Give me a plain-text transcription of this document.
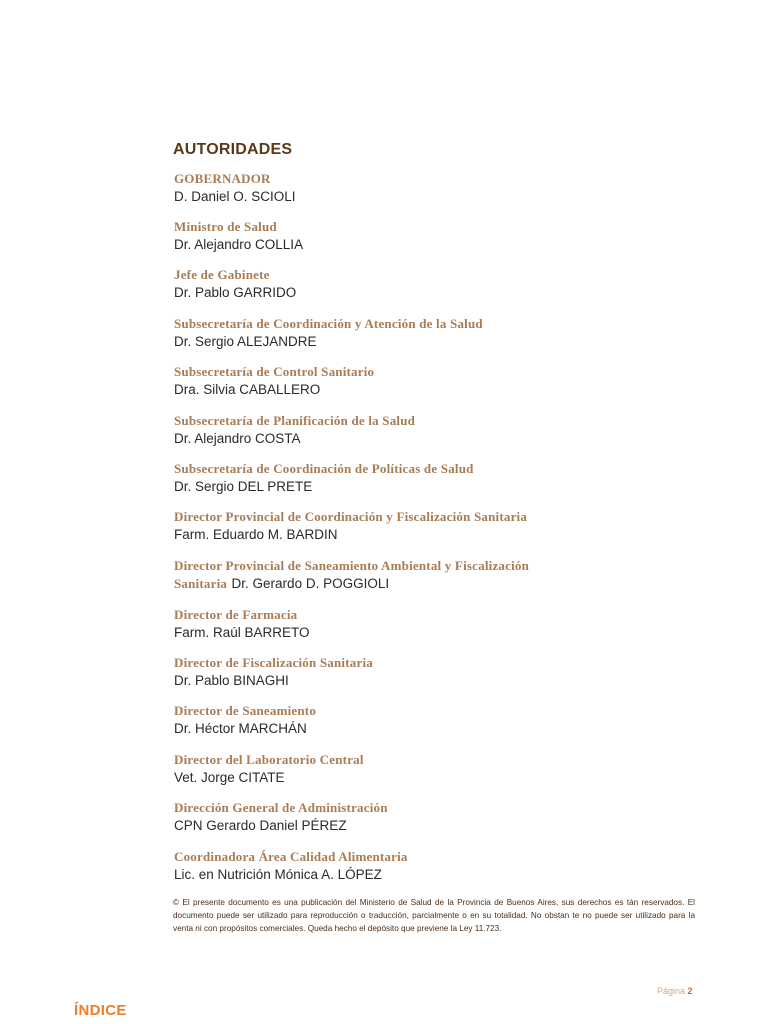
AUTORIDADES
GOBERNADOR
D. Daniel O. SCIOLI
Ministro de Salud
Dr. Alejandro COLLIA
Jefe de Gabinete
Dr. Pablo GARRIDO
Subsecretaría de Coordinación y Atención de la Salud
Dr. Sergio ALEJANDRE
Subsecretaría de Control Sanitario
Dra. Silvia CABALLERO
Subsecretaría de Planificación de la Salud
Dr. Alejandro COSTA
Subsecretaría de Coordinación de Políticas de Salud
Dr. Sergio DEL PRETE
Director Provincial de Coordinación y Fiscalización Sanitaria
Farm. Eduardo M. BARDIN
Director Provincial de Saneamiento Ambiental y Fiscalización Sanitaria Dr. Gerardo D. POGGIOLI
Director de Farmacia
Farm. Raúl BARRETO
Director de Fiscalización Sanitaria
Dr. Pablo BINAGHI
Director de Saneamiento
Dr. Héctor MARCHÁN
Director del Laboratorio Central
Vet. Jorge CITATE
Dirección General de Administración
CPN Gerardo Daniel PÉREZ
Coordinadora Área Calidad Alimentaria
Lic. en Nutrición Mónica A. LÓPEZ

© El presente documento es una publicación del Ministerio de Salud de la Provincia de Buenos Aires, sus derechos es tán reservados. El documento puede ser utilizado para reproducción o traducción, parcialmente o en su totalidad. No obstan te no puede ser utilizado para la venta ni con propósitos comerciales. Queda hecho el depósito que previene la Ley 11.723.

Página 2
ÍNDICE
